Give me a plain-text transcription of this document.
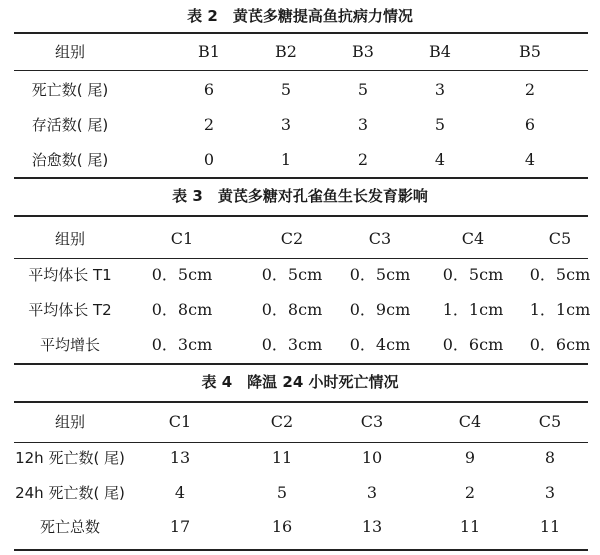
表 2　黄芪多糖提高鱼抗病力情况
表 3　黄芪多糖对孔雀鱼生长发育影响
表 4　降温 24 小时死亡情况
组别	B1	B2	B3	B4	B5
死亡数( 尾)	6	5	5	3	2
存活数( 尾)	2	3	3	5	6
治愈数( 尾)	0	1	2	4	4
组别	C1	C2	C3	C4	C5
平均体长 T1	0．5cm	0．5cm	0．5cm	0．5cm	0．5cm
平均体长 T2	0．8cm	0．8cm	0．9cm	1．1cm	1．1cm
平均增长	0．3cm	0．3cm	0．4cm	0．6cm	0．6cm
组别	C1	C2	C3	C4	C5
12h 死亡数( 尾)	13	11	10	9	8
24h 死亡数( 尾)	4	5	3	2	3
死亡总数	17	16	13	11	11
